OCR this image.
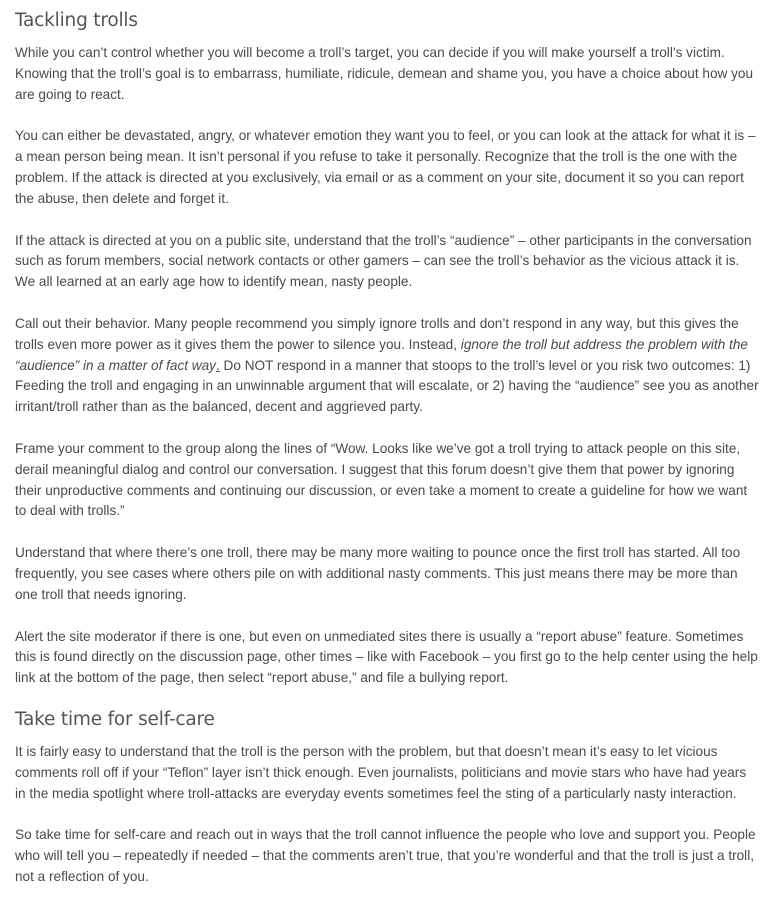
Tackling trolls

While you can’t control whether you will become a troll’s target, you can decide if you will make yourself a troll’s victim. Knowing that the troll’s goal is to embarrass, humiliate, ridicule, demean and shame you, you have a choice about how you are going to react.

You can either be devastated, angry, or whatever emotion they want you to feel, or you can look at the attack for what it is – a mean person being mean. It isn’t personal if you refuse to take it personally. Recognize that the troll is the one with the problem. If the attack is directed at you exclusively, via email or as a comment on your site, document it so you can report the abuse, then delete and forget it.

If the attack is directed at you on a public site, understand that the troll’s “audience” – other participants in the conversation such as forum members, social network contacts or other gamers – can see the troll’s behavior as the vicious attack it is. We all learned at an early age how to identify mean, nasty people.

Call out their behavior. Many people recommend you simply ignore trolls and don’t respond in any way, but this gives the trolls even more power as it gives them the power to silence you. Instead, ignore the troll but address the problem with the “audience” in a matter of fact way. Do NOT respond in a manner that stoops to the troll’s level or you risk two outcomes: 1) Feeding the troll and engaging in an unwinnable argument that will escalate, or 2) having the “audience” see you as another irritant/troll rather than as the balanced, decent and aggrieved party.

Frame your comment to the group along the lines of “Wow. Looks like we’ve got a troll trying to attack people on this site, derail meaningful dialog and control our conversation. I suggest that this forum doesn’t give them that power by ignoring their unproductive comments and continuing our discussion, or even take a moment to create a guideline for how we want to deal with trolls.”

Understand that where there’s one troll, there may be many more waiting to pounce once the first troll has started. All too frequently, you see cases where others pile on with additional nasty comments. This just means there may be more than one troll that needs ignoring.

Alert the site moderator if there is one, but even on unmediated sites there is usually a “report abuse” feature. Sometimes this is found directly on the discussion page, other times – like with Facebook – you first go to the help center using the help link at the bottom of the page, then select “report abuse,” and file a bullying report.

Take time for self-care

It is fairly easy to understand that the troll is the person with the problem, but that doesn’t mean it’s easy to let vicious comments roll off if your “Teflon” layer isn’t thick enough. Even journalists, politicians and movie stars who have had years in the media spotlight where troll-attacks are everyday events sometimes feel the sting of a particularly nasty interaction.

So take time for self-care and reach out in ways that the troll cannot influence the people who love and support you. People who will tell you – repeatedly if needed – that the comments aren’t true, that you’re wonderful and that the troll is just a troll, not a reflection of you.
